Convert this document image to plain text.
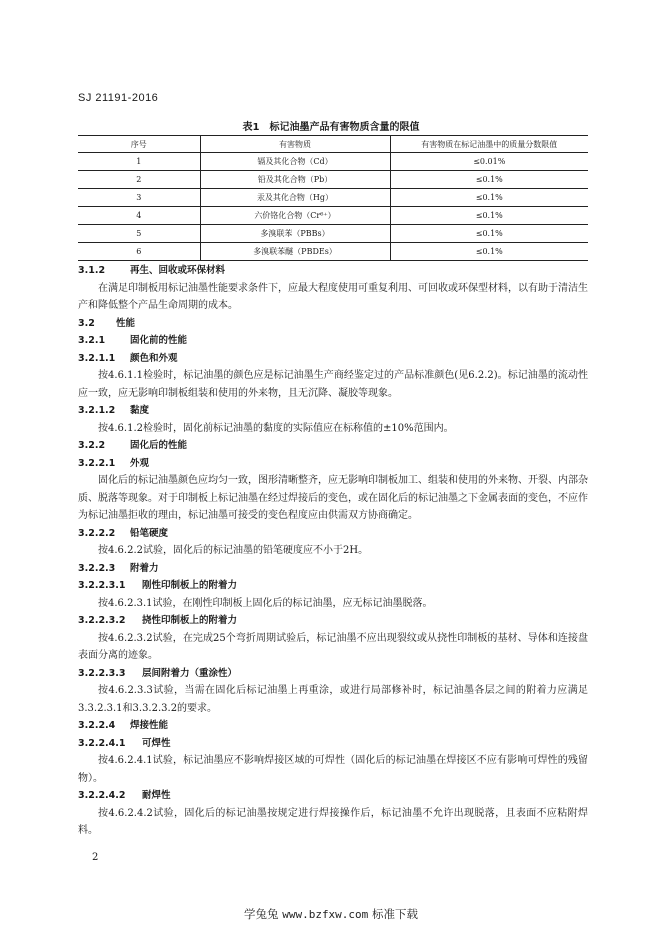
SJ 21191-2016
表1　标记油墨产品有害物质含量的限值
序号	有害物质	有害物质在标记油墨中的质量分数限值
1	镉及其化合物（Cd）	≤0.01%
2	铅及其化合物（Pb）	≤0.1%
3	汞及其化合物（Hg）	≤0.1%
4	六价铬化合物（Cr⁶⁺）	≤0.1%
5	多溴联苯（PBBs）	≤0.1%
6	多溴联苯醚（PBDEs）	≤0.1%
3.1.2	再生、回收或环保材料
在满足印制板用标记油墨性能要求条件下，应最大程度使用可重复利用、可回收或环保型材料，以有助于清洁生产和降低整个产品生命周期的成本。
3.2 性能
3.2.1	固化前的性能
3.2.1.1 颜色和外观
按4.6.1.1检验时，标记油墨的颜色应是标记油墨生产商经鉴定过的产品标准颜色(见6.2.2)。标记油墨的流动性应一致，应无影响印制板组装和使用的外来物，且无沉降、凝胶等现象。
3.2.1.2 黏度
按4.6.1.2检验时，固化前标记油墨的黏度的实际值应在标称值的±10%范围内。
3.2.2	固化后的性能
3.2.2.1 外观
固化后的标记油墨颜色应均匀一致，图形清晰整齐，应无影响印制板加工、组装和使用的外来物、开裂、内部杂质、脱落等现象。对于印制板上标记油墨在经过焊接后的变色，或在固化后的标记油墨之下金属表面的变色，不应作为标记油墨拒收的理由，标记油墨可接受的变色程度应由供需双方协商确定。
3.2.2.2 铅笔硬度
按4.6.2.2试验，固化后的标记油墨的铅笔硬度应不小于2H。
3.2.2.3 附着力
3.2.2.3.1 刚性印制板上的附着力
按4.6.2.3.1试验，在刚性印制板上固化后的标记油墨，应无标记油墨脱落。
3.2.2.3.2 挠性印制板上的附着力
按4.6.2.3.2试验，在完成25个弯折周期试验后，标记油墨不应出现裂纹或从挠性印制板的基材、导体和连接盘表面分离的迹象。
3.2.2.3.3 层间附着力（重涂性）
按4.6.2.3.3试验，当需在固化后标记油墨上再重涂，或进行局部修补时，标记油墨各层之间的附着力应满足3.3.2.3.1和3.3.2.3.2的要求。
3.2.2.4 焊接性能
3.2.2.4.1 可焊性
按4.6.2.4.1试验，标记油墨应不影响焊接区域的可焊性（固化后的标记油墨在焊接区不应有影响可焊性的残留物）。
3.2.2.4.2 耐焊性
按4.6.2.4.2试验，固化后的标记油墨按规定进行焊接操作后，标记油墨不允许出现脱落，且表面不应粘附焊料。
2
学兔兔 www.bzfxw.com 标准下载
